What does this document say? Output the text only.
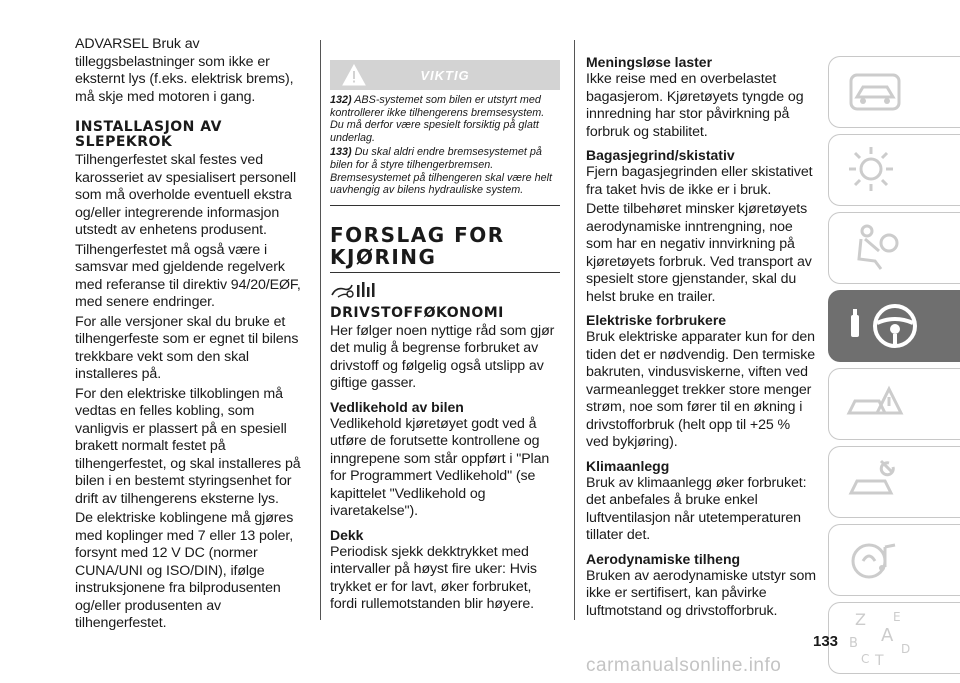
ADVARSEL Bruk av tilleggsbelastninger som ikke er eksternt lys (f.eks. elektrisk brems), må skje med motoren i gang.

INSTALLASJON AV SLEPEKROK

Tilhengerfestet skal festes ved karosseriet av spesialisert personell som må overholde eventuell ekstra og/eller integrerende informasjon utstedt av enhetens produsent.

Tilhengerfestet må også være i samsvar med gjeldende regelverk med referanse til direktiv 94/20/EØF, med senere endringer.

For alle versjoner skal du bruke et tilhengerfeste som er egnet til bilens trekkbare vekt som den skal installeres på.

For den elektriske tilkoblingen må vedtas en felles kobling, som vanligvis er plassert på en spesiell brakett normalt festet på tilhengerfestet, og skal installeres på bilen i en bestemt styringsenhet for drift av tilhengerens eksterne lys.

De elektriske koblingene må gjøres med koplinger med 7 eller 13 poler, forsynt med 12 V DC (normer CUNA/UNI og ISO/DIN), ifølge instruksjonene fra bilprodusenten og/eller produsenten av tilhengerfestet.

VIKTIG

132) ABS-systemet som bilen er utstyrt med kontrollerer ikke tilhengerens bremsesystem. Du må derfor være spesielt forsiktig på glatt underlag.

133) Du skal aldri endre bremsesystemet på bilen for å styre tilhengerbremsen. Bremsesystemet på tilhengeren skal være helt uavhengig av bilens hydrauliske system.

FORSLAG FOR KJØRING
DRIVSTOFFØKONOMI

Her følger noen nyttige råd som gjør det mulig å begrense forbruket av drivstoff og følgelig også utslipp av giftige gasser.

Vedlikehold av bilen

Vedlikehold kjøretøyet godt ved å utføre de forutsette kontrollene og inngrepene som står oppført i "Plan for Programmert Vedlikehold" (se kapittelet "Vedlikehold og ivaretakelse").

Dekk

Periodisk sjekk dekktrykket med intervaller på høyst fire uker: Hvis trykket er for lavt, øker forbruket, fordi rullemotstanden blir høyere.

Meningsløse laster

Ikke reise med en overbelastet bagasjerom. Kjøretøyets tyngde og innredning har stor påvirkning på forbruk og stabilitet.

Bagasjegrind/skistativ

Fjern bagasjegrinden eller skistativet fra taket hvis de ikke er i bruk.

Dette tilbehøret minsker kjøretøyets aerodynamiske inntrengning, noe som har en negativ innvirkning på kjøretøyets forbruk. Ved transport av spesielt store gjenstander, skal du helst bruke en trailer.

Elektriske forbrukere

Bruk elektriske apparater kun for den tiden det er nødvendig. Den termiske bakruten, vindusviskerne, viften ved varmeanlegget trekker store menger strøm, noe som fører til en økning i drivstofforbruk (helt opp til +25 % ved bykjøring).

Klimaanlegg

Bruk av klimaanlegg øker forbruket: det anbefales å bruke enkel luftventilasjon når utetemperaturen tillater det.

Aerodynamiske tilheng

Bruken av aerodynamiske utstyr som ikke er sertifisert, kan påvirke luftmotstand og drivstofforbruk.	Z E
B A
C T
D
133
carmanualsonline.info
